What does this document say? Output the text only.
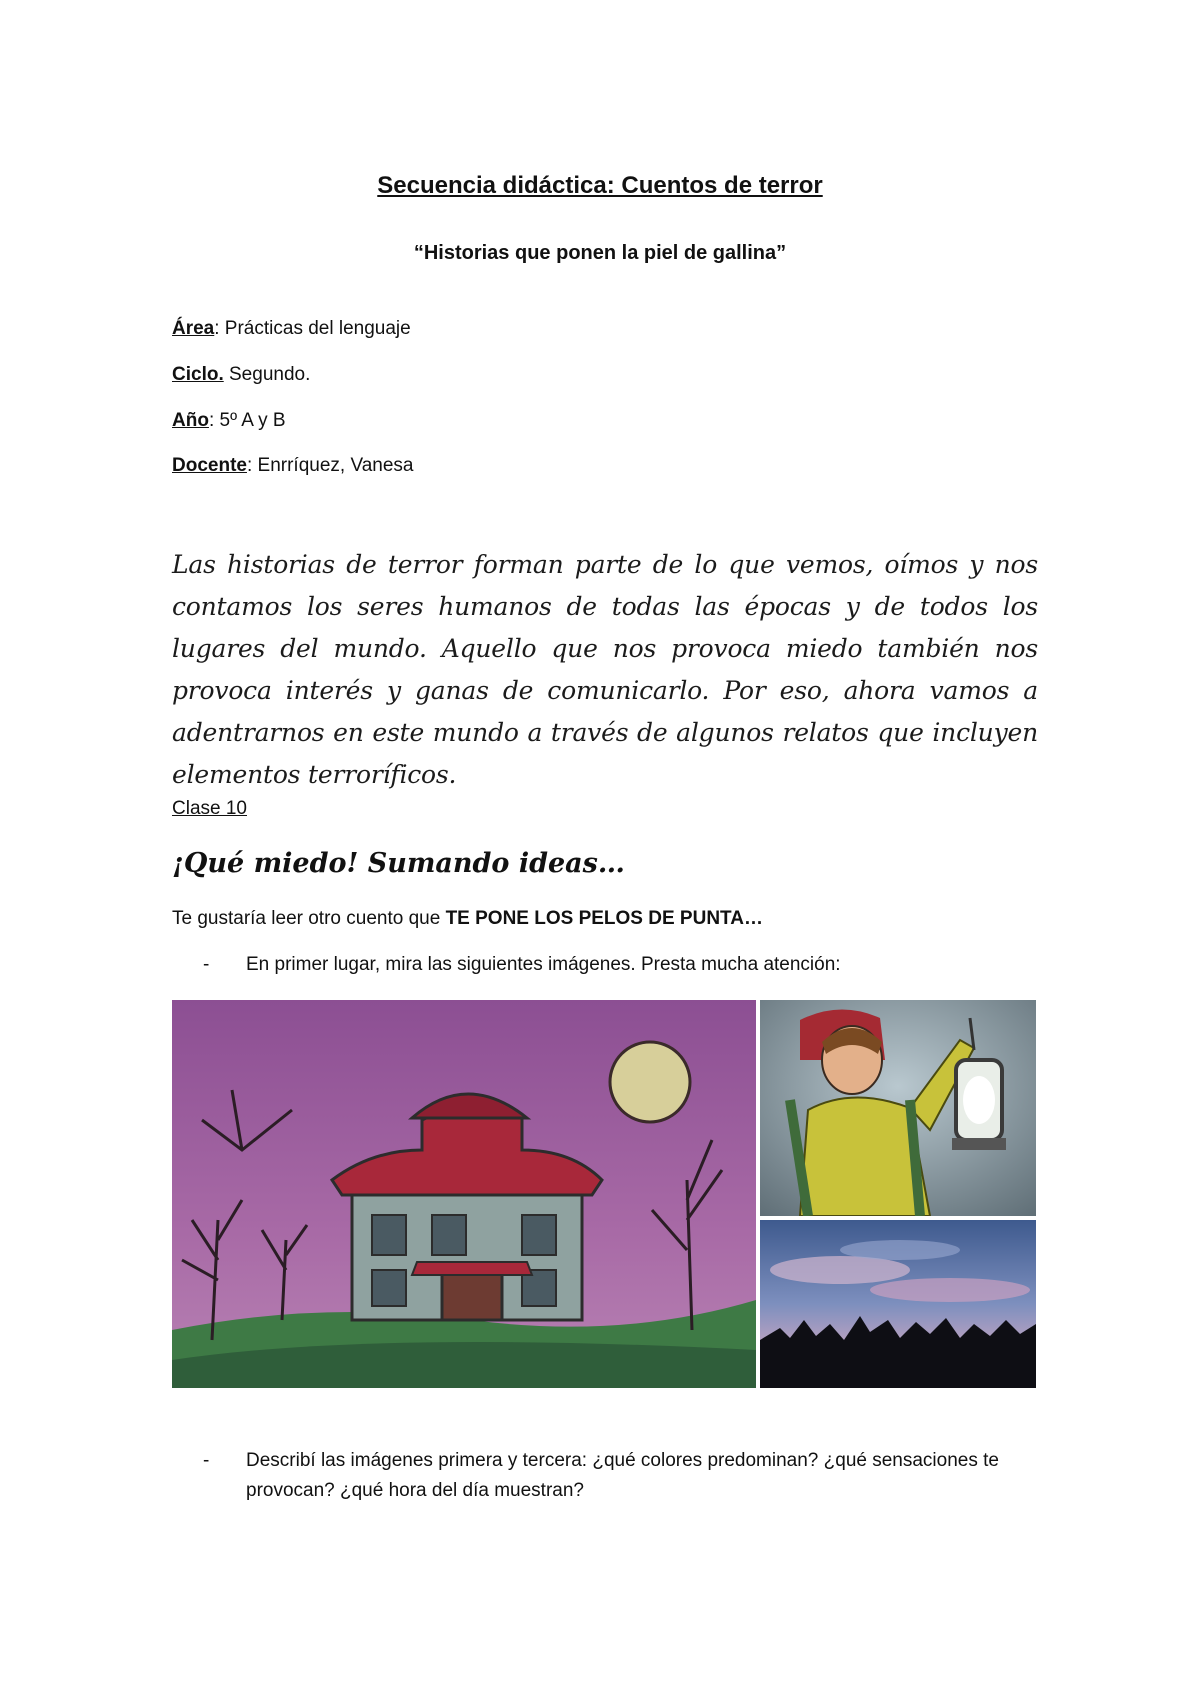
Secuencia didáctica: Cuentos de terror
“Historias que ponen la piel de gallina”
Área: Prácticas del lenguaje
Ciclo. Segundo.
Año: 5º A y B
Docente: Enrríquez, Vanesa
Las historias de terror forman parte de lo que vemos, oímos y nos contamos los seres humanos de todas las épocas y de todos los lugares del mundo. Aquello que nos provoca miedo también nos provoca interés y ganas de comunicarlo. Por eso, ahora vamos a adentrarnos en este mundo a través de algunos relatos que incluyen elementos terroríficos.
Clase 10
¡Qué miedo! Sumando ideas…
Te gustaría leer otro cuento que TE PONE LOS PELOS DE PUNTA…
- En primer lugar, mira las siguientes imágenes. Presta mucha atención:
- Describí las imágenes primera y tercera: ¿qué colores predominan? ¿qué sensaciones te provocan? ¿qué hora del día muestran?
